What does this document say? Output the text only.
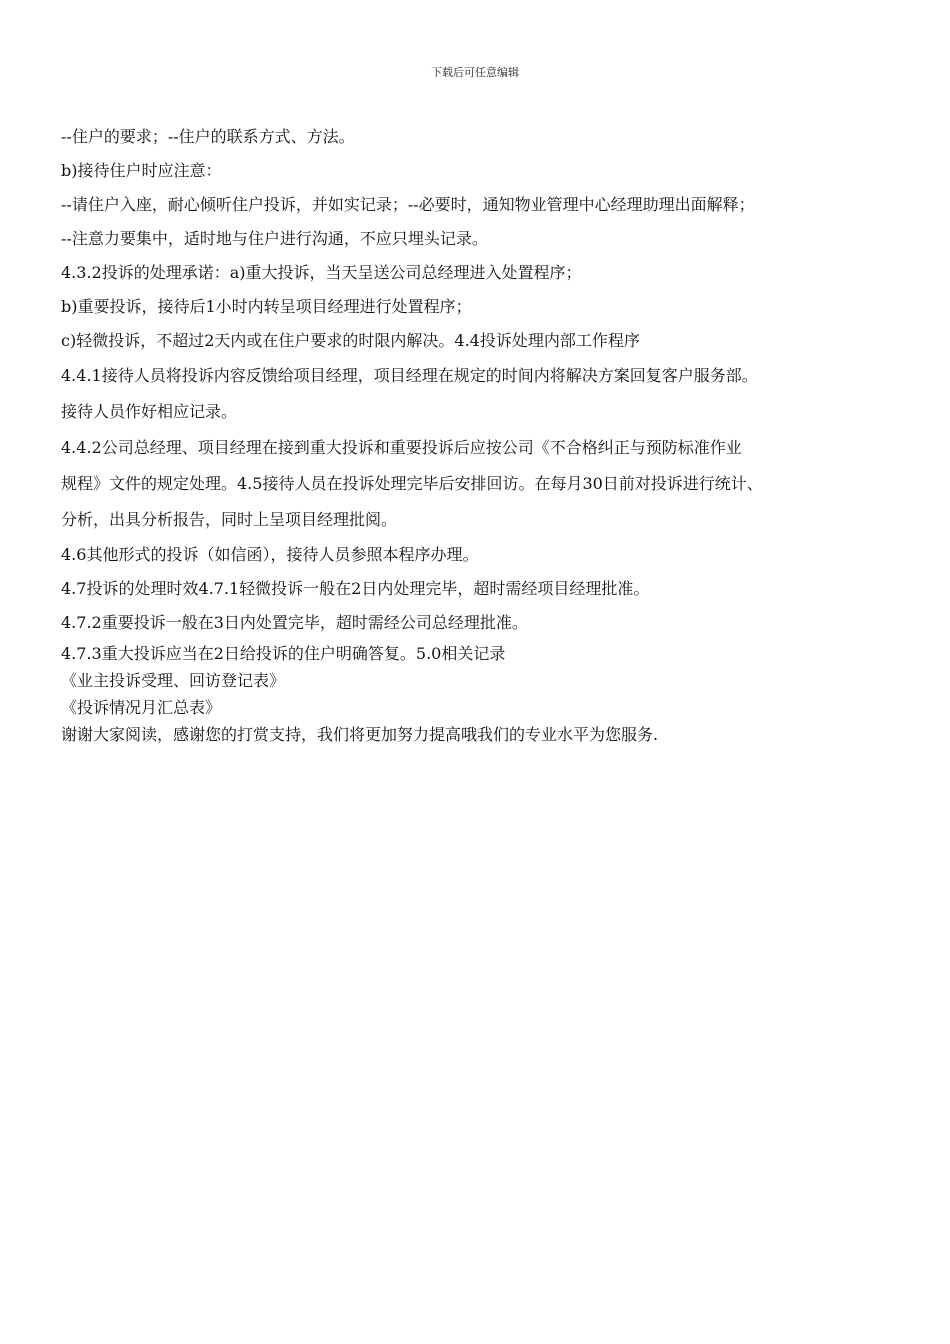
下载后可任意编辑
--住户的要求；--住户的联系方式、方法。
b)接待住户时应注意：
--请住户入座，耐心倾听住户投诉，并如实记录；--必要时，通知物业管理中心经理助理出面解释；
--注意力要集中，适时地与住户进行沟通，不应只埋头记录。
4.3.2投诉的处理承诺：a)重大投诉，当天呈送公司总经理进入处置程序；
b)重要投诉，接待后1小时内转呈项目经理进行处置程序；
c)轻微投诉，不超过2天内或在住户要求的时限内解决。4.4投诉处理内部工作程序
4.4.1接待人员将投诉内容反馈给项目经理，项目经理在规定的时间内将解决方案回复客户服务部。
接待人员作好相应记录。
4.4.2公司总经理、项目经理在接到重大投诉和重要投诉后应按公司《不合格纠正与预防标准作业
规程》文件的规定处理。4.5接待人员在投诉处理完毕后安排回访。在每月30日前对投诉进行统计、
分析，出具分析报告，同时上呈项目经理批阅。
4.6其他形式的投诉（如信函），接待人员参照本程序办理。
4.7投诉的处理时效4.7.1轻微投诉一般在2日内处理完毕，超时需经项目经理批准。
4.7.2重要投诉一般在3日内处置完毕，超时需经公司总经理批准。
4.7.3重大投诉应当在2日给投诉的住户明确答复。5.0相关记录
《业主投诉受理、回访登记表》
《投诉情况月汇总表》
谢谢大家阅读，感谢您的打赏支持，我们将更加努力提高哦我们的专业水平为您服务.
